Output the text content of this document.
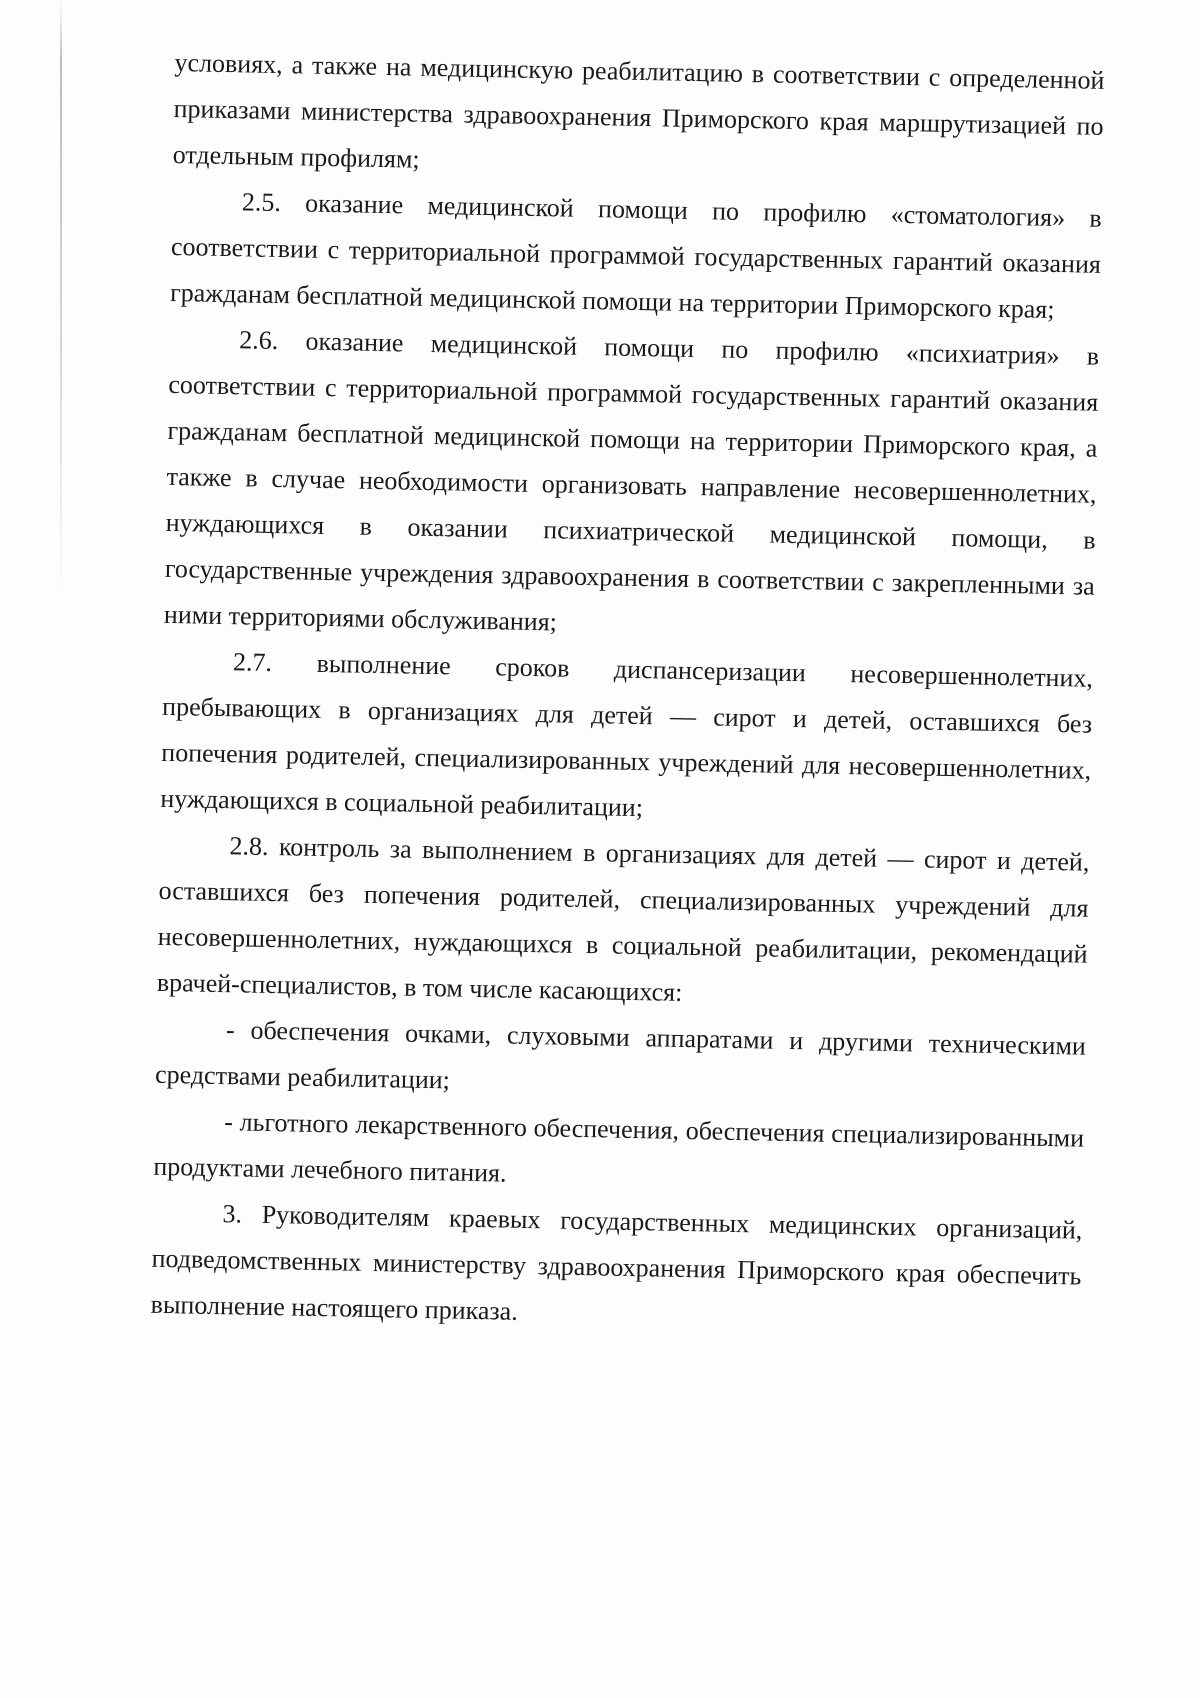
условиях, а также на медицинскую реабилитацию в соответствии с определенной приказами министерства здравоохранения Приморского края маршрутизацией по отдельным профилям;

2.5. оказание медицинской помощи по профилю «стоматология» в соответствии с территориальной программой государственных гарантий оказания гражданам бесплатной медицинской помощи на территории Приморского края;

2.6. оказание медицинской помощи по профилю «психиатрия» в соответствии с территориальной программой государственных гарантий оказания гражданам бесплатной медицинской помощи на территории Приморского края, а также в случае необходимости организовать направление несовершеннолетних, нуждающихся в оказании психиатрической медицинской помощи, в государственные учреждения здравоохранения в соответствии с закрепленными за ними территориями обслуживания;

2.7. выполнение сроков диспансеризации несовершеннолетних, пребывающих в организациях для детей — сирот и детей, оставшихся без попечения родителей, специализированных учреждений для несовершеннолетних, нуждающихся в социальной реабилитации;

2.8. контроль за выполнением в организациях для детей — сирот и детей, оставшихся без попечения родителей, специализированных учреждений для несовершеннолетних, нуждающихся в социальной реабилитации, рекомендаций врачей-специалистов, в том числе касающихся:

- обеспечения очками, слуховыми аппаратами и другими техническими средствами реабилитации;

- льготного лекарственного обеспечения, обеспечения специализированными продуктами лечебного питания.

3. Руководителям краевых государственных медицинских организаций, подведомственных министерству здравоохранения Приморского края обеспечить выполнение настоящего приказа.
